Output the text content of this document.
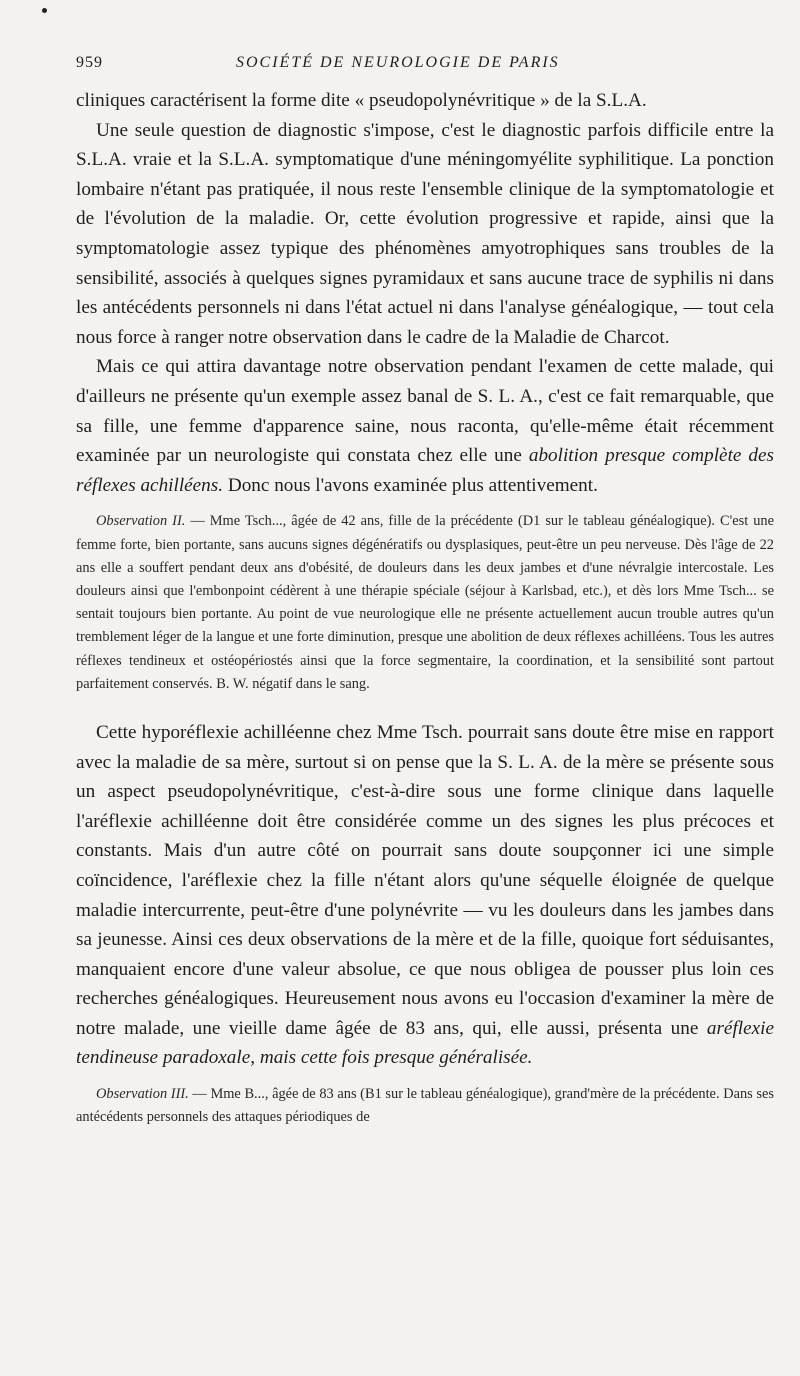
959	SOCIÉTÉ DE NEUROLOGIE DE PARIS

cliniques caractérisent la forme dite « pseudopolynévritique » de la S.L.A.

Une seule question de diagnostic s'impose, c'est le diagnostic parfois difficile entre la S.L.A. vraie et la S.L.A. symptomatique d'une méningomyélite syphilitique. La ponction lombaire n'étant pas pratiquée, il nous reste l'ensemble clinique de la symptomatologie et de l'évolution de la maladie. Or, cette évolution progressive et rapide, ainsi que la symptomatologie assez typique des phénomènes amyotrophiques sans troubles de la sensibilité, associés à quelques signes pyramidaux et sans aucune trace de syphilis ni dans les antécédents personnels ni dans l'état actuel ni dans l'analyse généalogique, — tout cela nous force à ranger notre observation dans le cadre de la Maladie de Charcot.

Mais ce qui attira davantage notre observation pendant l'examen de cette malade, qui d'ailleurs ne présente qu'un exemple assez banal de S. L. A., c'est ce fait remarquable, que sa fille, une femme d'apparence saine, nous raconta, qu'elle-même était récemment examinée par un neurologiste qui constata chez elle une abolition presque complète des réflexes achilléens. Donc nous l'avons examinée plus attentivement.

Observation II. — Mme Tsch..., âgée de 42 ans, fille de la précédente (D1 sur le tableau généalogique). C'est une femme forte, bien portante, sans aucuns signes dégénératifs ou dysplasiques, peut-être un peu nerveuse. Dès l'âge de 22 ans elle a souffert pendant deux ans d'obésité, de douleurs dans les deux jambes et d'une névralgie intercostale. Les douleurs ainsi que l'embonpoint cédèrent à une thérapie spéciale (séjour à Karlsbad, etc.), et dès lors Mme Tsch... se sentait toujours bien portante. Au point de vue neurologique elle ne présente actuellement aucun trouble autres qu'un tremblement léger de la langue et une forte diminution, presque une abolition de deux réflexes achilléens. Tous les autres réflexes tendineux et ostéopériostés ainsi que la force segmentaire, la coordination, et la sensibilité sont partout parfaitement conservés. B. W. négatif dans le sang.

Cette hyporéflexie achilléenne chez Mme Tsch. pourrait sans doute être mise en rapport avec la maladie de sa mère, surtout si on pense que la S. L. A. de la mère se présente sous un aspect pseudopolynévritique, c'est-à-dire sous une forme clinique dans laquelle l'aréflexie achilléenne doit être considérée comme un des signes les plus précoces et constants. Mais d'un autre côté on pourrait sans doute soupçonner ici une simple coïncidence, l'aréflexie chez la fille n'étant alors qu'une séquelle éloignée de quelque maladie intercurrente, peut-être d'une polynévrite — vu les douleurs dans les jambes dans sa jeunesse. Ainsi ces deux observations de la mère et de la fille, quoique fort séduisantes, manquaient encore d'une valeur absolue, ce que nous obligea de pousser plus loin ces recherches généalogiques. Heureusement nous avons eu l'occasion d'examiner la mère de notre malade, une vieille dame âgée de 83 ans, qui, elle aussi, présenta une aréflexie tendineuse paradoxale, mais cette fois presque généralisée.

Observation III. — Mme B..., âgée de 83 ans (B1 sur le tableau généalogique), grand'mère de la précédente. Dans ses antécédents personnels des attaques périodiques de
